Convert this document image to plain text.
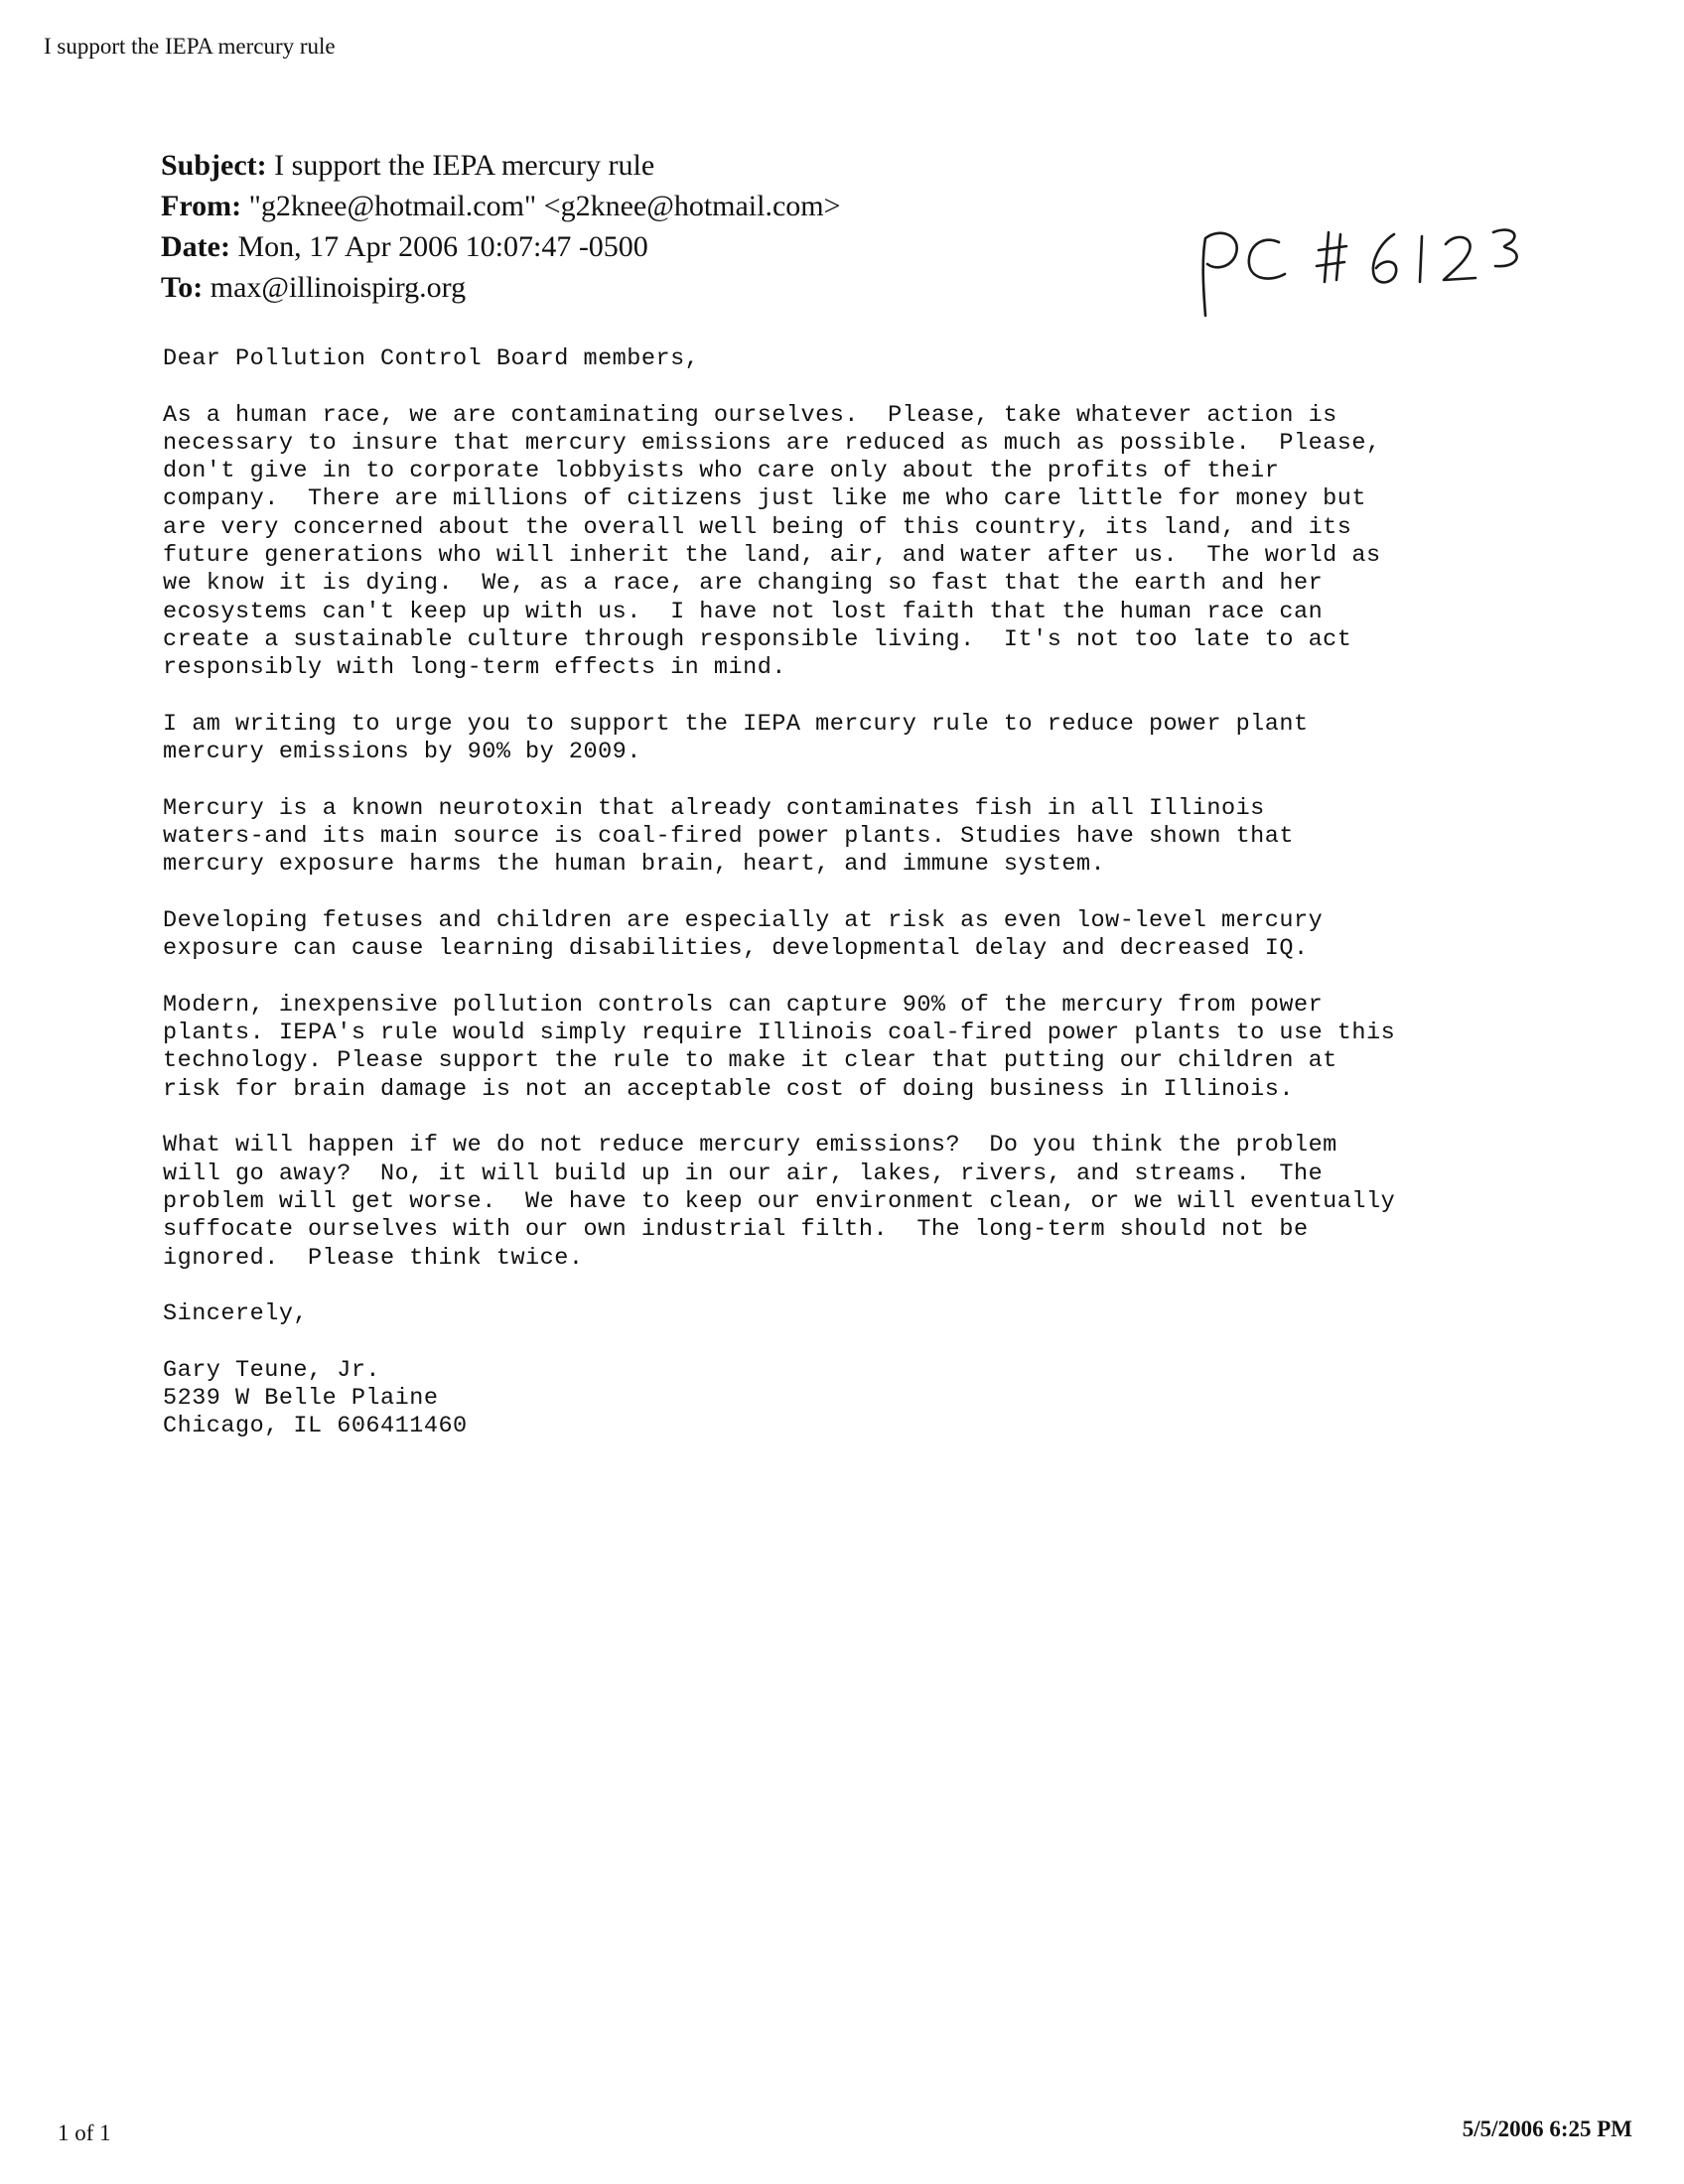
I support the IEPA mercury rule
Subject: I support the IEPA mercury rule
From: "g2knee@hotmail.com" <g2knee@hotmail.com>
Date: Mon, 17 Apr 2006 10:07:47 -0500
To: max@illinoispirg.org

Dear Pollution Control Board members,

As a human race, we are contaminating ourselves.  Please, take whatever action is
necessary to insure that mercury emissions are reduced as much as possible.  Please,
don't give in to corporate lobbyists who care only about the profits of their
company.  There are millions of citizens just like me who care little for money but
are very concerned about the overall well being of this country, its land, and its
future generations who will inherit the land, air, and water after us.  The world as
we know it is dying.  We, as a race, are changing so fast that the earth and her
ecosystems can't keep up with us.  I have not lost faith that the human race can
create a sustainable culture through responsible living.  It's not too late to act
responsibly with long-term effects in mind.

I am writing to urge you to support the IEPA mercury rule to reduce power plant
mercury emissions by 90% by 2009.

Mercury is a known neurotoxin that already contaminates fish in all Illinois
waters-and its main source is coal-fired power plants. Studies have shown that
mercury exposure harms the human brain, heart, and immune system.

Developing fetuses and children are especially at risk as even low-level mercury
exposure can cause learning disabilities, developmental delay and decreased IQ.

Modern, inexpensive pollution controls can capture 90% of the mercury from power
plants. IEPA's rule would simply require Illinois coal-fired power plants to use this
technology. Please support the rule to make it clear that putting our children at
risk for brain damage is not an acceptable cost of doing business in Illinois.

What will happen if we do not reduce mercury emissions?  Do you think the problem
will go away?  No, it will build up in our air, lakes, rivers, and streams.  The
problem will get worse.  We have to keep our environment clean, or we will eventually
suffocate ourselves with our own industrial filth.  The long-term should not be
ignored.  Please think twice.

Sincerely,

Gary Teune, Jr.
5239 W Belle Plaine
Chicago, IL 606411460

1 of 1	5/5/2006 6:25 PM
